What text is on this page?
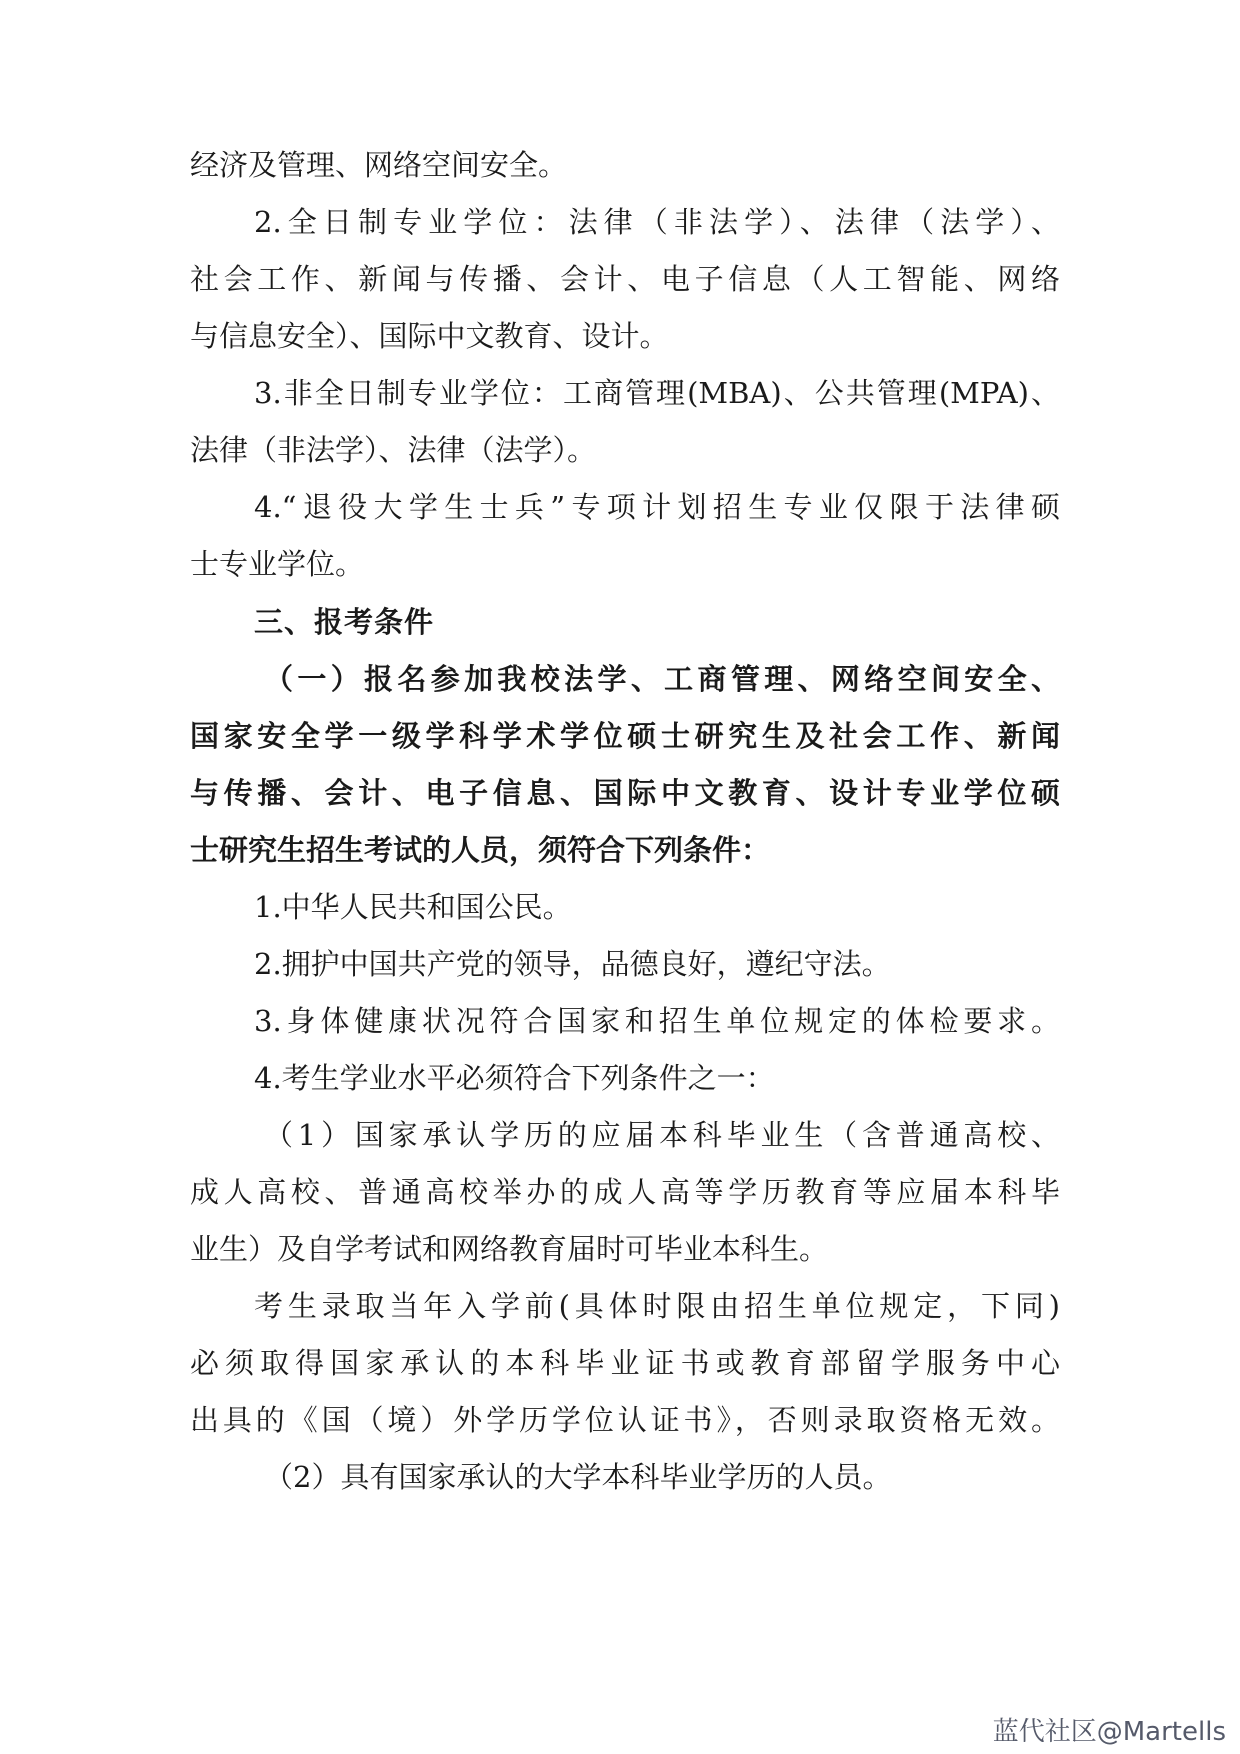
经济及管理、网络空间安全。
2.全日制专业学位：法律（非法学）、法律（法学）、
社会工作、新闻与传播、会计、电子信息（人工智能、网络
与信息安全）、国际中文教育、设计。
3.非全日制专业学位：工商管理(MBA)、公共管理(MPA)、
法律（非法学）、法律（法学）。
4.“退役大学生士兵”专项计划招生专业仅限于法律硕
士专业学位。
三、报考条件
（一）报名参加我校法学、工商管理、网络空间安全、
国家安全学一级学科学术学位硕士研究生及社会工作、新闻
与传播、会计、电子信息、国际中文教育、设计专业学位硕
士研究生招生考试的人员，须符合下列条件：
1.中华人民共和国公民。
2.拥护中国共产党的领导，品德良好，遵纪守法。
3.身体健康状况符合国家和招生单位规定的体检要求。
4.考生学业水平必须符合下列条件之一：
（1）国家承认学历的应届本科毕业生（含普通高校、
成人高校、普通高校举办的成人高等学历教育等应届本科毕
业生）及自学考试和网络教育届时可毕业本科生。
考生录取当年入学前(具体时限由招生单位规定，下同)
必须取得国家承认的本科毕业证书或教育部留学服务中心
出具的《国（境）外学历学位认证书》，否则录取资格无效。
（2）具有国家承认的大学本科毕业学历的人员。
蓝代社区@Martells
